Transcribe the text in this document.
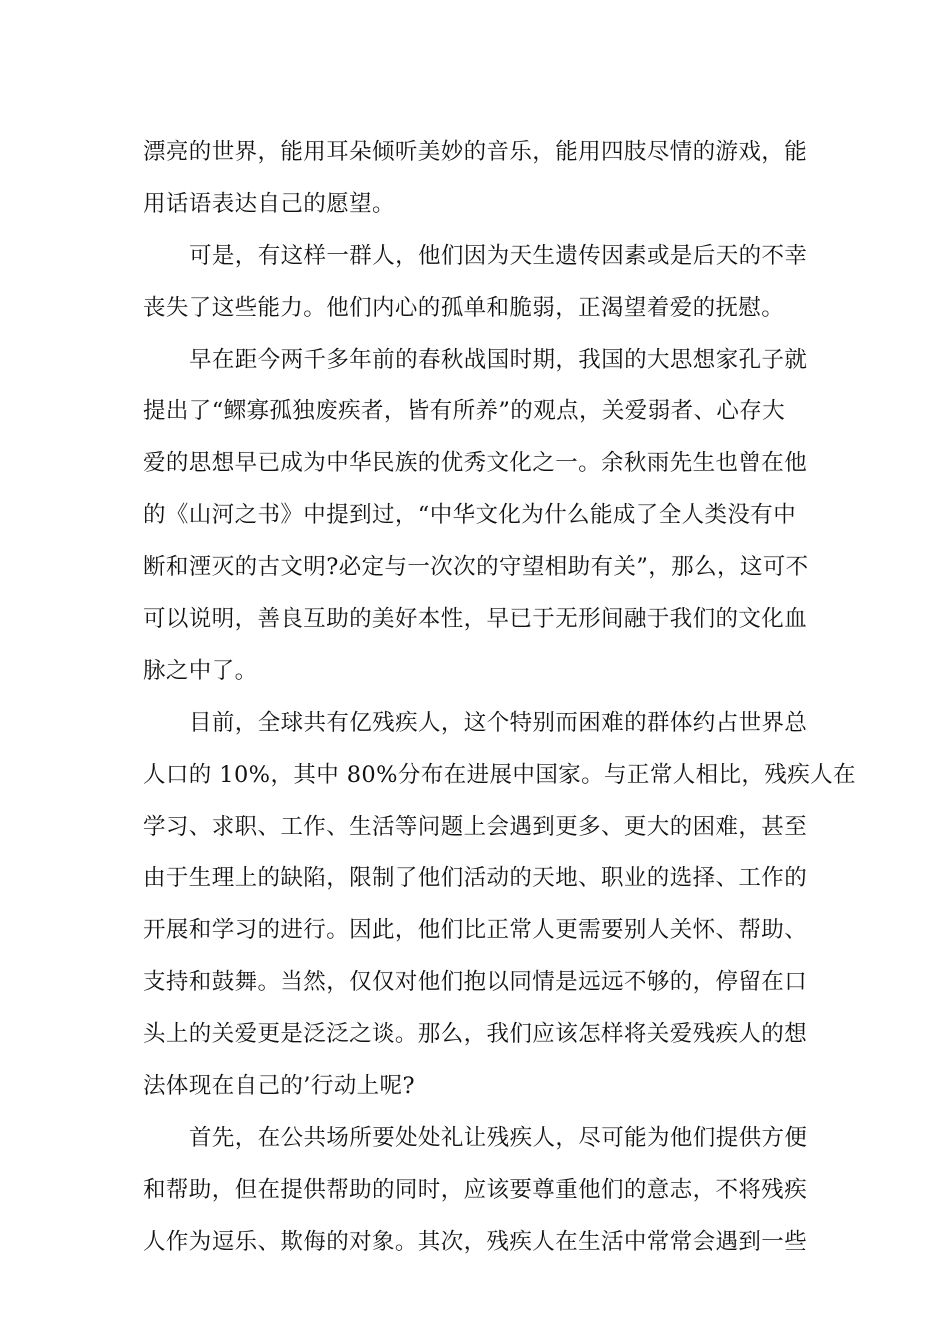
漂亮的世界，能用耳朵倾听美妙的音乐，能用四肢尽情的游戏，能
用话语表达自己的愿望。
可是，有这样一群人，他们因为天生遗传因素或是后天的不幸
丧失了这些能力。他们内心的孤单和脆弱，正渴望着爱的抚慰。
早在距今两千多年前的春秋战国时期，我国的大思想家孔子就
提出了“鳏寡孤独废疾者，皆有所养”的观点，关爱弱者、心存大
爱的思想早已成为中华民族的优秀文化之一。余秋雨先生也曾在他
的《山河之书》中提到过，“中华文化为什么能成了全人类没有中
断和湮灭的古文明?必定与一次次的守望相助有关”，那么，这可不
可以说明，善良互助的美好本性，早已于无形间融于我们的文化血
脉之中了。
目前，全球共有亿残疾人，这个特别而困难的群体约占世界总
人口的 10%，其中 80%分布在进展中国家。与正常人相比，残疾人在
学习、求职、工作、生活等问题上会遇到更多、更大的困难，甚至
由于生理上的缺陷，限制了他们活动的天地、职业的选择、工作的
开展和学习的进行。因此，他们比正常人更需要别人关怀、帮助、
支持和鼓舞。当然，仅仅对他们抱以同情是远远不够的，停留在口
头上的关爱更是泛泛之谈。那么，我们应该怎样将关爱残疾人的想
法体现在自己的’行动上呢?
首先，在公共场所要处处礼让残疾人，尽可能为他们提供方便
和帮助，但在提供帮助的同时，应该要尊重他们的意志，不将残疾
人作为逗乐、欺侮的对象。其次，残疾人在生活中常常会遇到一些
